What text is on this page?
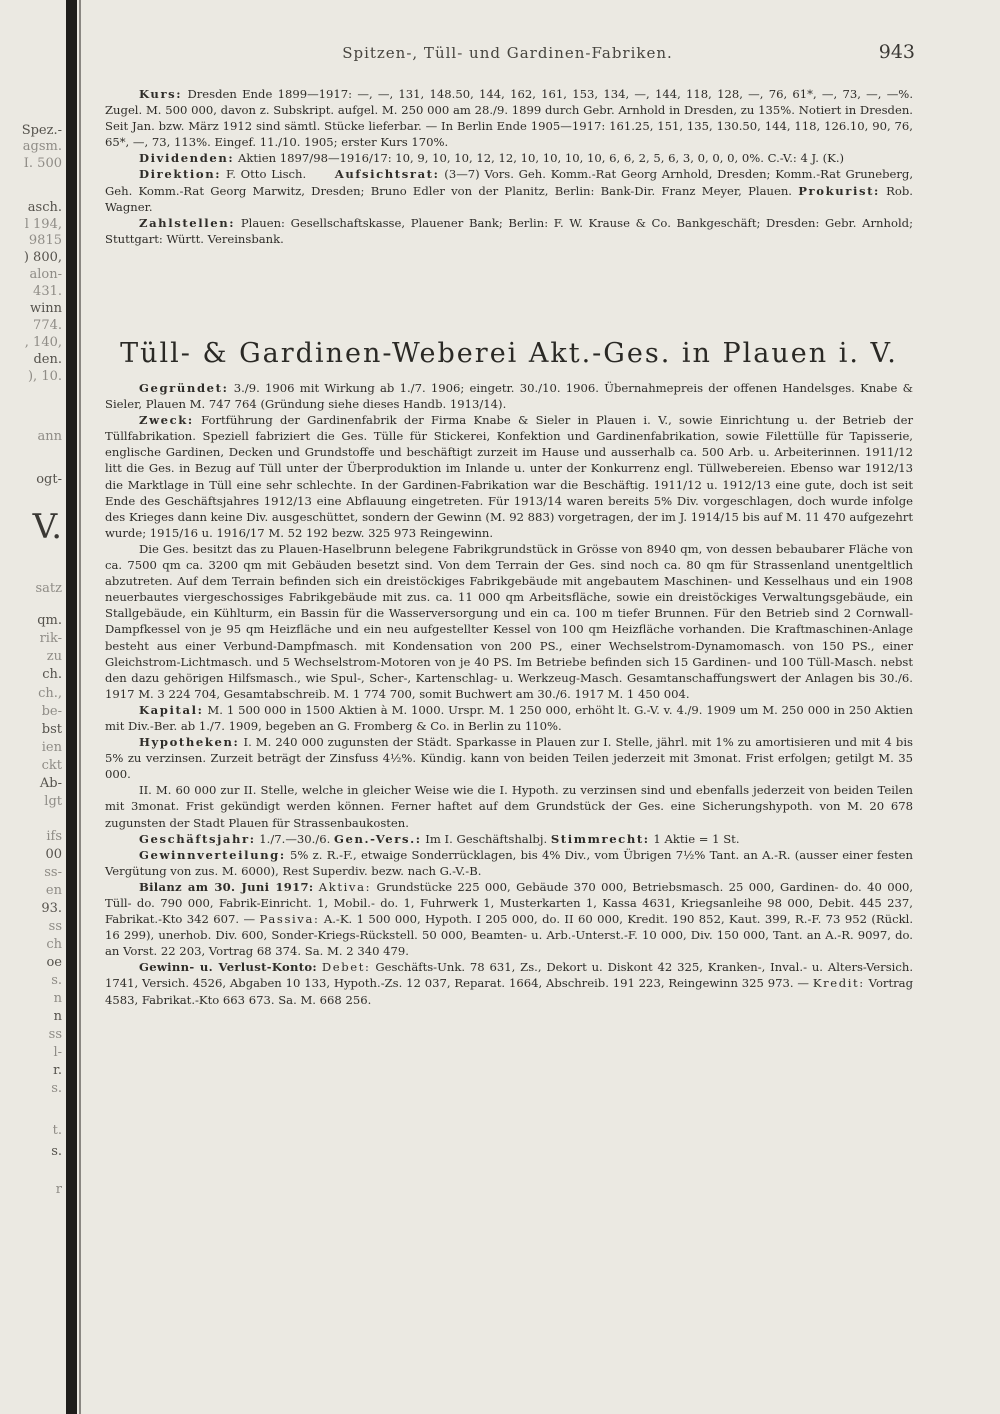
Spez.-
agsm.
I. 500
asch.
l 194,
9815
) 800,
alon-
431.
winn
774.
, 140,
den.
), 10.
ann
ogt-
V.
satz
qm.
rik-
zu
ch.
ch.,
be-
bst
ien
ckt
Ab-
lgt
ifs
00
ss-
en
93.
ss
ch
oe
s.
n
n
ss
l-
r.
s.
t.
s.
r
Spitzen-, Tüll- und Gardinen-Fabriken.	943

Kurs: Dresden Ende 1899—1917: —, —, 131, 148.50, 144, 162, 161, 153, 134, —, 144, 118, 128, —, 76, 61*, —, 73, —, —%. Zugel. M. 500 000, davon z. Subskript. aufgel. M. 250 000 am 28./9. 1899 durch Gebr. Arnhold in Dresden, zu 135%. Notiert in Dresden. Seit Jan. bzw. März 1912 sind sämtl. Stücke lieferbar. — In Berlin Ende 1905—1917: 161.25, 151, 135, 130.50, 144, 118, 126.10, 90, 76, 65*, —, 73, 113%. Eingef. 11./10. 1905; erster Kurs 170%.

Dividenden: Aktien 1897/98—1916/17: 10, 9, 10, 10, 12, 12, 10, 10, 10, 10, 6, 6, 2, 5, 6, 3, 0, 0, 0, 0%. C.-V.: 4 J. (K.)

Direktion: F. Otto Lisch. Aufsichtsrat: (3—7) Vors. Geh. Komm.-Rat Georg Arnhold, Dresden; Komm.-Rat Gruneberg, Geh. Komm.-Rat Georg Marwitz, Dresden; Bruno Edler von der Planitz, Berlin: Bank-Dir. Franz Meyer, Plauen. Prokurist: Rob. Wagner.

Zahlstellen: Plauen: Gesellschaftskasse, Plauener Bank; Berlin: F. W. Krause & Co. Bankgeschäft; Dresden: Gebr. Arnhold; Stuttgart: Württ. Vereinsbank.

Tüll- & Gardinen-Weberei Akt.-Ges. in Plauen i. V.

Gegründet: 3./9. 1906 mit Wirkung ab 1./7. 1906; eingetr. 30./10. 1906. Übernahmepreis der offenen Handelsges. Knabe & Sieler, Plauen M. 747 764 (Gründung siehe dieses Handb. 1913/14).

Zweck: Fortführung der Gardinenfabrik der Firma Knabe & Sieler in Plauen i. V., sowie Einrichtung u. der Betrieb der Tüllfabrikation. Speziell fabriziert die Ges. Tülle für Stickerei, Konfektion und Gardinenfabrikation, sowie Filettülle für Tapisserie, englische Gardinen, Decken und Grundstoffe und beschäftigt zurzeit im Hause und ausserhalb ca. 500 Arb. u. Arbeiterinnen. 1911/12 litt die Ges. in Bezug auf Tüll unter der Überproduktion im Inlande u. unter der Konkurrenz engl. Tüllwebereien. Ebenso war 1912/13 die Marktlage in Tüll eine sehr schlechte. In der Gardinen-Fabrikation war die Beschäftig. 1911/12 u. 1912/13 eine gute, doch ist seit Ende des Geschäftsjahres 1912/13 eine Abflauung eingetreten. Für 1913/14 waren bereits 5% Div. vorgeschlagen, doch wurde infolge des Krieges dann keine Div. ausgeschüttet, sondern der Gewinn (M. 92 883) vorgetragen, der im J. 1914/15 bis auf M. 11 470 aufgezehrt wurde; 1915/16 u. 1916/17 M. 52 192 bezw. 325 973 Reingewinn.

Die Ges. besitzt das zu Plauen-Haselbrunn belegene Fabrikgrundstück in Grösse von 8940 qm, von dessen bebaubarer Fläche von ca. 7500 qm ca. 3200 qm mit Gebäuden besetzt sind. Von dem Terrain der Ges. sind noch ca. 80 qm für Strassenland unentgeltlich abzutreten. Auf dem Terrain befinden sich ein dreistöckiges Fabrikgebäude mit angebautem Maschinen- und Kesselhaus und ein 1908 neuerbautes viergeschossiges Fabrikgebäude mit zus. ca. 11 000 qm Arbeitsfläche, sowie ein dreistöckiges Verwaltungsgebäude, ein Stallgebäude, ein Kühlturm, ein Bassin für die Wasserversorgung und ein ca. 100 m tiefer Brunnen. Für den Betrieb sind 2 Cornwall-Dampfkessel von je 95 qm Heizfläche und ein neu aufgestellter Kessel von 100 qm Heizfläche vorhanden. Die Kraftmaschinen-Anlage besteht aus einer Verbund-Dampfmasch. mit Kondensation von 200 PS., einer Wechselstrom-Dynamomasch. von 150 PS., einer Gleichstrom-Lichtmasch. und 5 Wechselstrom-Motoren von je 40 PS. Im Betriebe befinden sich 15 Gardinen- und 100 Tüll-Masch. nebst den dazu gehörigen Hilfsmasch., wie Spul-, Scher-, Kartenschlag- u. Werkzeug-Masch. Gesamtanschaffungswert der Anlagen bis 30./6. 1917 M. 3 224 704, Gesamtabschreib. M. 1 774 700, somit Buchwert am 30./6. 1917 M. 1 450 004.

Kapital: M. 1 500 000 in 1500 Aktien à M. 1000. Urspr. M. 1 250 000, erhöht lt. G.-V. v. 4./9. 1909 um M. 250 000 in 250 Aktien mit Div.-Ber. ab 1./7. 1909, begeben an G. Fromberg & Co. in Berlin zu 110%.

Hypotheken: I. M. 240 000 zugunsten der Städt. Sparkasse in Plauen zur I. Stelle, jährl. mit 1% zu amortisieren und mit 4 bis 5% zu verzinsen. Zurzeit beträgt der Zinsfuss 4½%. Kündig. kann von beiden Teilen jederzeit mit 3monat. Frist erfolgen; getilgt M. 35 000.

II. M. 60 000 zur II. Stelle, welche in gleicher Weise wie die I. Hypoth. zu verzinsen sind und ebenfalls jederzeit von beiden Teilen mit 3monat. Frist gekündigt werden können. Ferner haftet auf dem Grundstück der Ges. eine Sicherungshypoth. von M. 20 678 zugunsten der Stadt Plauen für Strassenbaukosten.

Geschäftsjahr: 1./7.—30./6. Gen.-Vers.: Im I. Geschäftshalbj. Stimmrecht: 1 Aktie = 1 St.

Gewinnverteilung: 5% z. R.-F., etwaige Sonderrücklagen, bis 4% Div., vom Übrigen 7½% Tant. an A.-R. (ausser einer festen Vergütung von zus. M. 6000), Rest Superdiv. bezw. nach G.-V.-B.

Bilanz am 30. Juni 1917: Aktiva: Grundstücke 225 000, Gebäude 370 000, Betriebsmasch. 25 000, Gardinen- do. 40 000, Tüll- do. 790 000, Fabrik-Einricht. 1, Mobil.- do. 1, Fuhrwerk 1, Musterkarten 1, Kassa 4631, Kriegsanleihe 98 000, Debit. 445 237, Fabrikat.-Kto 342 607. — Passiva: A.-K. 1 500 000, Hypoth. I 205 000, do. II 60 000, Kredit. 190 852, Kaut. 399, R.-F. 73 952 (Rückl. 16 299), unerhob. Div. 600, Sonder-Kriegs-Rückstell. 50 000, Beamten- u. Arb.-Unterst.-F. 10 000, Div. 150 000, Tant. an A.-R. 9097, do. an Vorst. 22 203, Vortrag 68 374. Sa. M. 2 340 479.

Gewinn- u. Verlust-Konto: Debet: Geschäfts-Unk. 78 631, Zs., Dekort u. Diskont 42 325, Kranken-, Inval.- u. Alters-Versich. 1741, Versich. 4526, Abgaben 10 133, Hypoth.-Zs. 12 037, Reparat. 1664, Abschreib. 191 223, Reingewinn 325 973. — Kredit: Vortrag 4583, Fabrikat.-Kto 663 673. Sa. M. 668 256.
